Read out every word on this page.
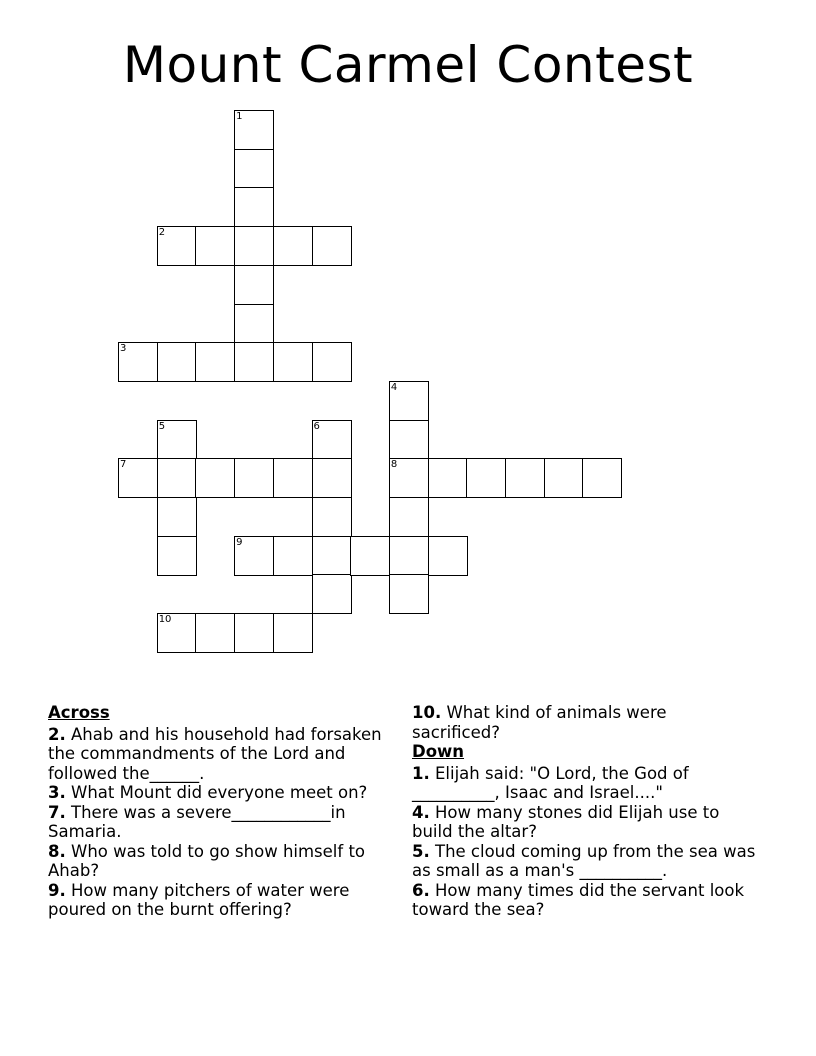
Mount Carmel Contest
1
2
3
4
8
5	6
7
9
10
Across
2. Ahab and his household had forsaken the commandments of the Lord and followed the______.
3. What Mount did everyone meet on?
7. There was a severe____________in Samaria.
8. Who was told to go show himself to Ahab?
9. How many pitchers of water were poured on the burnt offering?
10. What kind of animals were sacrificed?
Down
1. Elijah said: "O Lord, the God of __________, Isaac and Israel...."
4. How many stones did Elijah use to build the altar?
5. The cloud coming up from the sea was as small as a man's __________.
6. How many times did the servant look toward the sea?
